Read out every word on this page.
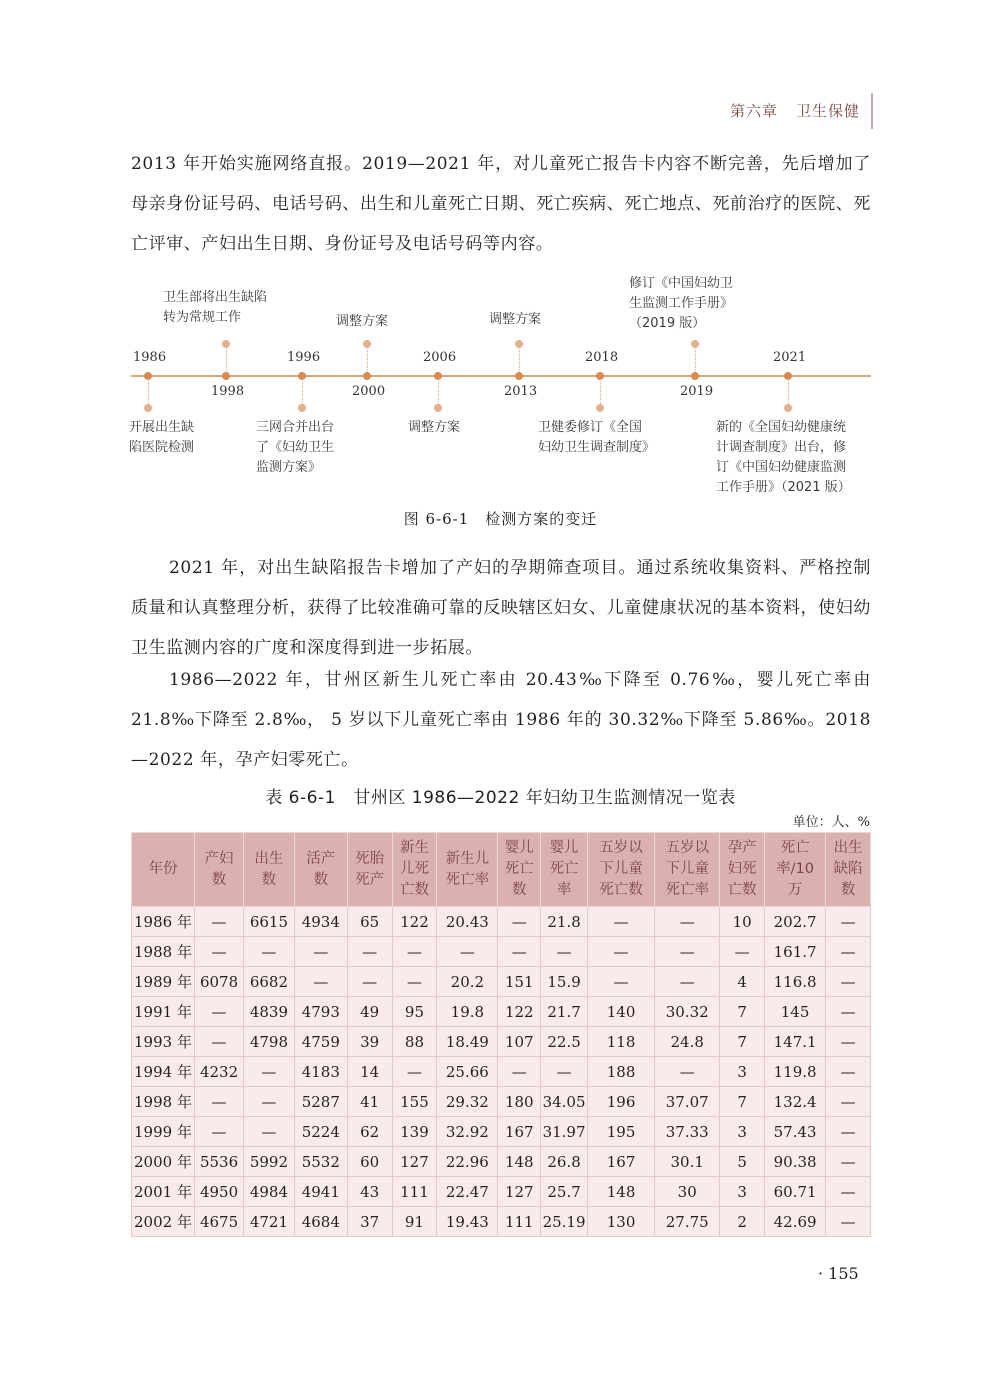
第六章 卫生保健

2013 年开始实施网络直报。2019—2021 年，对儿童死亡报告卡内容不断完善，先后增加了母亲身份证号码、电话号码、出生和儿童死亡日期、死亡疾病、死亡地点、死前治疗的医院、死亡评审、产妇出生日期、身份证号及电话号码等内容。

1986
开展出生缺
陷医院检测
1998
卫生部将出生缺陷
转为常规工作
1996
三网合并出台
了《妇幼卫生
监测方案》
2000
调整方案
2006
调整方案
2013
调整方案
2018
卫健委修订《全国
妇幼卫生调查制度》
2019
修订《中国妇幼卫
生监测工作手册》
（2019 版）
2021
新的《全国妇幼健康统
计调查制度》出台，修
订《中国妇幼健康监测
工作手册》（2021 版）
图 6-6-1　检测方案的变迁

2021 年，对出生缺陷报告卡增加了产妇的孕期筛查项目。通过系统收集资料、严格控制质量和认真整理分析，获得了比较准确可靠的反映辖区妇女、儿童健康状况的基本资料，使妇幼卫生监测内容的广度和深度得到进一步拓展。

1986—2022 年，甘州区新生儿死亡率由 20.43‰下降至 0.76‰，婴儿死亡率由 21.8‰下降至 2.8‰， 5 岁以下儿童死亡率由 1986 年的 30.32‰下降至 5.86‰。2018—2022 年，孕产妇零死亡。

表 6-6-1　甘州区 1986—2022 年妇幼卫生监测情况一览表
单位：人、%
年份	产妇数	出生数	活产数	死胎死产	新生儿死亡数	新生儿死亡率	婴儿死亡数	婴儿死亡率	五岁以下儿童死亡数	五岁以下儿童死亡率	孕产妇死亡数	死亡率/10 万	出生缺陷数
1986 年	—	6615	4934	65	122	20.43	—	21.8	—	—	10	202.7	—
1988 年	—	—	—	—	—	—	—	—	—	—	—	161.7	—
1989 年	6078	6682	—	—	—	20.2	151	15.9	—	—	4	116.8	—
1991 年	—	4839	4793	49	95	19.8	122	21.7	140	30.32	7	145	—
1993 年	—	4798	4759	39	88	18.49	107	22.5	118	24.8	7	147.1	—
1994 年	4232	—	4183	14	—	25.66	—	—	188	—	3	119.8	—
1998 年	—	—	5287	41	155	29.32	180	34.05	196	37.07	7	132.4	—
1999 年	—	—	5224	62	139	32.92	167	31.97	195	37.33	3	57.43	—
2000 年	5536	5992	5532	60	127	22.96	148	26.8	167	30.1	5	90.38	—
2001 年	4950	4984	4941	43	111	22.47	127	25.7	148	30	3	60.71	—
2002 年	4675	4721	4684	37	91	19.43	111	25.19	130	27.75	2	42.69	—
· 155
